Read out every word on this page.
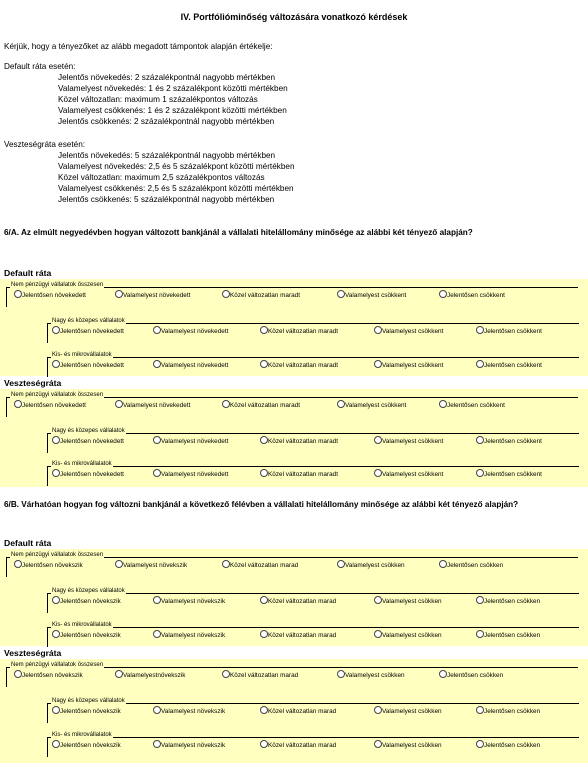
IV. Portfólióminőség változására vonatkozó kérdések
Kérjük, hogy a tényezőket az alább megadott támpontok alapján értékelje:
Default ráta esetén:
Jelentős növekedés: 2 százalékpontnál nagyobb mértékben
Valamelyest növekedés: 1 és 2 százalékpont közötti mértékben
Közel változatlan: maximum 1 százalékpontos változás
Valamelyest csökkenés: 1 és 2 százalékpont közötti mértékben
Jelentős csökkenés: 2 százalékpontnál nagyobb mértékben
Veszteségráta esetén:
Jelentős növekedés: 5 százalékpontnál nagyobb mértékben
Valamelyest növekedés: 2,5 és 5 százalékpont közötti mértékben
Közel változatlan: maximum 2,5 százalékpontos változás
Valamelyest csökkenés: 2,5 és 5 százalékpont közötti mértékben
Jelentős csökkenés: 5 százalékpontnál nagyobb mértékben
6/A. Az elmúlt negyedévben hogyan változott bankjánál a vállalati hitelállomány minősége az alábbi két tényező alapján?
Default ráta
Veszteségráta
Nem pénzügyi vállalatok összesen
Jelentősen növekedett	Valamelyest növekedett	Közel változatlan maradt	Valamelyest csökkent	Jelentősen csökkent
Nagy és közepes vállalatok
Jelentősen növekedett	Valamelyest növekedett	Közel változatlan maradt	Valamelyest csökkent	Jelentősen csökkent
Kis- és mikrovállalatok
Jelentősen növekedett	Valamelyest növekedett	Közel változatlan maradt	Valamelyest csökkent	Jelentősen csökkent
Nem pénzügyi vállalatok összesen
Jelentősen növekedett	Valamelyest növekedett	Közel változatlan maradt	Valamelyest csökkent	Jelentősen csökkent
Nagy és közepes vállalatok
Jelentősen növekedett	Valamelyest növekedett	Közel változatlan maradt	Valamelyest csökkent	Jelentősen csökkent
Kis- és mikrovállalatok
Jelentősen növekedett	Valamelyest növekedett	Közel változatlan maradt	Valamelyest csökkent	Jelentősen csökkent
6/B. Várhatóan hogyan fog változni bankjánál a következő félévben a vállalati hitelállomány minősége az alábbi két tényező alapján?
Default ráta
Veszteségráta
Nem pénzügyi vállalatok összesen
Jelentősen növekszik	Valamelyest növekszik	Közel változatlan marad	Valamelyest csökken	Jelentősen csökken
Nagy és közepes vállalatok
Jelentősen növekszik	Valamelyest növekszik	Közel változatlan marad	Valamelyest csökken	Jelentősen csökken
Kis- és mikrovállalatok
Jelentősen növekszik	Valamelyest növekszik	Közel változatlan marad	Valamelyest csökken	Jelentősen csökken
Nem pénzügyi vállalatok összesen
Jelentősen növekszik	Valamelyestnövekszik	Közel változatlan marad	Valamelyest csökken	Jelentősen csökken
Nagy és közepes vállalatok
Jelentősen növekszik	Valamelyest növekszik	Közel változatlan marad	Valamelyest csökken	Jelentősen csökken
Kis- és mikrovállalatok
Jelentősen növekszik	Valamelyest növekszik	Közel változatlan marad	Valamelyest csökken	Jelentősen csökken
